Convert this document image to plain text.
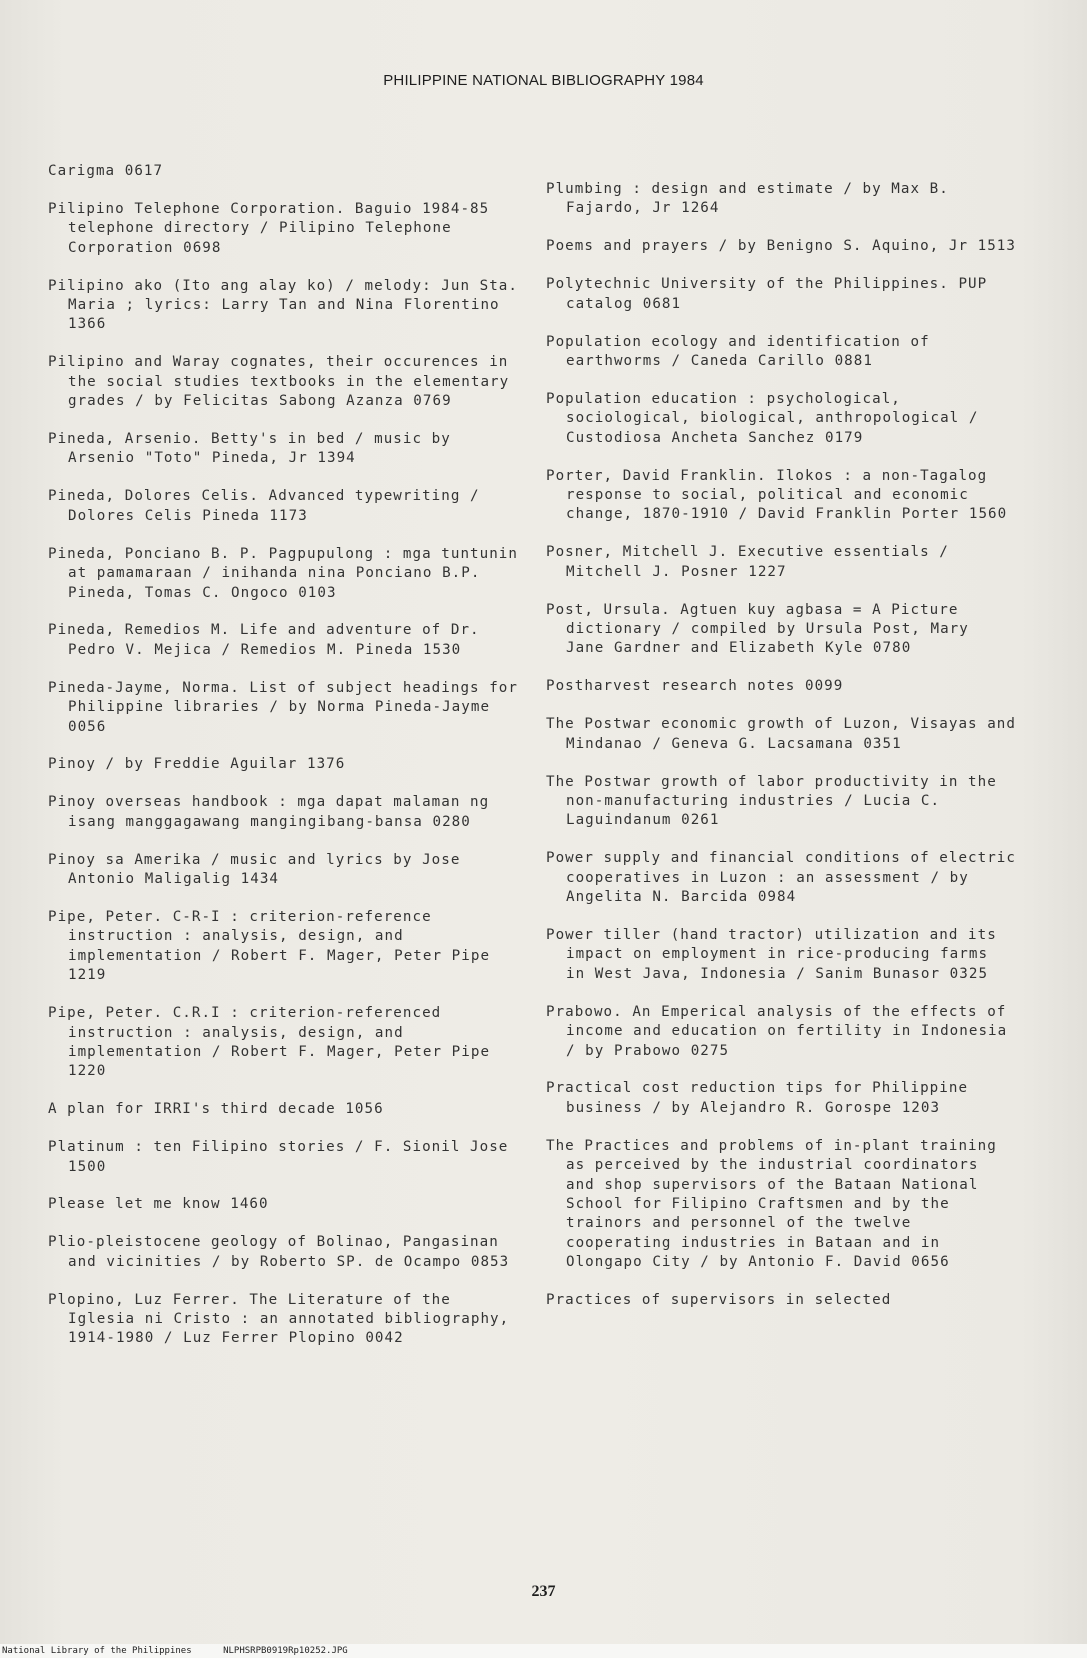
PHILIPPINE NATIONAL BIBLIOGRAPHY 1984

Carigma 0617

Pilipino Telephone Corporation. Baguio 1984-85 telephone directory / Pilipino Telephone Corporation 0698

Pilipino ako (Ito ang alay ko) / melody: Jun Sta. Maria ; lyrics: Larry Tan and Nina Florentino 1366

Pilipino and Waray cognates, their occurences in the social studies textbooks in the elementary grades / by Felicitas Sabong Azanza 0769

Pineda, Arsenio. Betty's in bed / music by Arsenio "Toto" Pineda, Jr 1394

Pineda, Dolores Celis. Advanced typewriting / Dolores Celis Pineda 1173

Pineda, Ponciano B. P. Pagpupulong : mga tuntunin at pamamaraan / inihanda nina Ponciano B.P. Pineda, Tomas C. Ongoco 0103

Pineda, Remedios M. Life and adventure of Dr. Pedro V. Mejica / Remedios M. Pineda 1530

Pineda-Jayme, Norma. List of subject headings for Philippine libraries / by Norma Pineda-Jayme 0056

Pinoy / by Freddie Aguilar 1376

Pinoy overseas handbook : mga dapat malaman ng isang manggagawang mangingibang-bansa 0280

Pinoy sa Amerika / music and lyrics by Jose Antonio Maligalig 1434

Pipe, Peter. C-R-I : criterion-reference instruction : analysis, design, and implementation / Robert F. Mager, Peter Pipe 1219

Pipe, Peter. C.R.I : criterion-referenced instruction : analysis, design, and implementation / Robert F. Mager, Peter Pipe 1220

A plan for IRRI's third decade 1056

Platinum : ten Filipino stories / F. Sionil Jose 1500

Please let me know 1460

Plio-pleistocene geology of Bolinao, Pangasinan and vicinities / by Roberto SP. de Ocampo 0853

Plopino, Luz Ferrer. The Literature of the Iglesia ni Cristo : an annotated bibliography, 1914-1980 / Luz Ferrer Plopino 0042

Plumbing : design and estimate / by Max B. Fajardo, Jr 1264

Poems and prayers / by Benigno S. Aquino, Jr 1513

Polytechnic University of the Philippines. PUP catalog 0681

Population ecology and identification of earthworms / Caneda Carillo 0881

Population education : psychological, sociological, biological, anthropological / Custodiosa Ancheta Sanchez 0179

Porter, David Franklin. Ilokos : a non-Tagalog response to social, political and economic change, 1870-1910 / David Franklin Porter 1560

Posner, Mitchell J. Executive essentials / Mitchell J. Posner 1227

Post, Ursula. Agtuen kuy agbasa = A Picture dictionary / compiled by Ursula Post, Mary Jane Gardner and Elizabeth Kyle 0780

Postharvest research notes 0099

The Postwar economic growth of Luzon, Visayas and Mindanao / Geneva G. Lacsamana 0351

The Postwar growth of labor productivity in the non-manufacturing industries / Lucia C. Laguindanum 0261

Power supply and financial conditions of electric cooperatives in Luzon : an assessment / by Angelita N. Barcida 0984

Power tiller (hand tractor) utilization and its impact on employment in rice-producing farms in West Java, Indonesia / Sanim Bunasor 0325

Prabowo. An Emperical analysis of the effects of income and education on fertility in Indonesia / by Prabowo 0275

Practical cost reduction tips for Philippine business / by Alejandro R. Gorospe 1203

The Practices and problems of in-plant training as perceived by the industrial coordinators and shop supervisors of the Bataan National School for Filipino Craftsmen and by the trainors and personnel of the twelve cooperating industries in Bataan and in Olongapo City / by Antonio F. David 0656

Practices of supervisors in selected

237
National Library of the Philippines	NLPHSRPB0919Rp10252.JPG
